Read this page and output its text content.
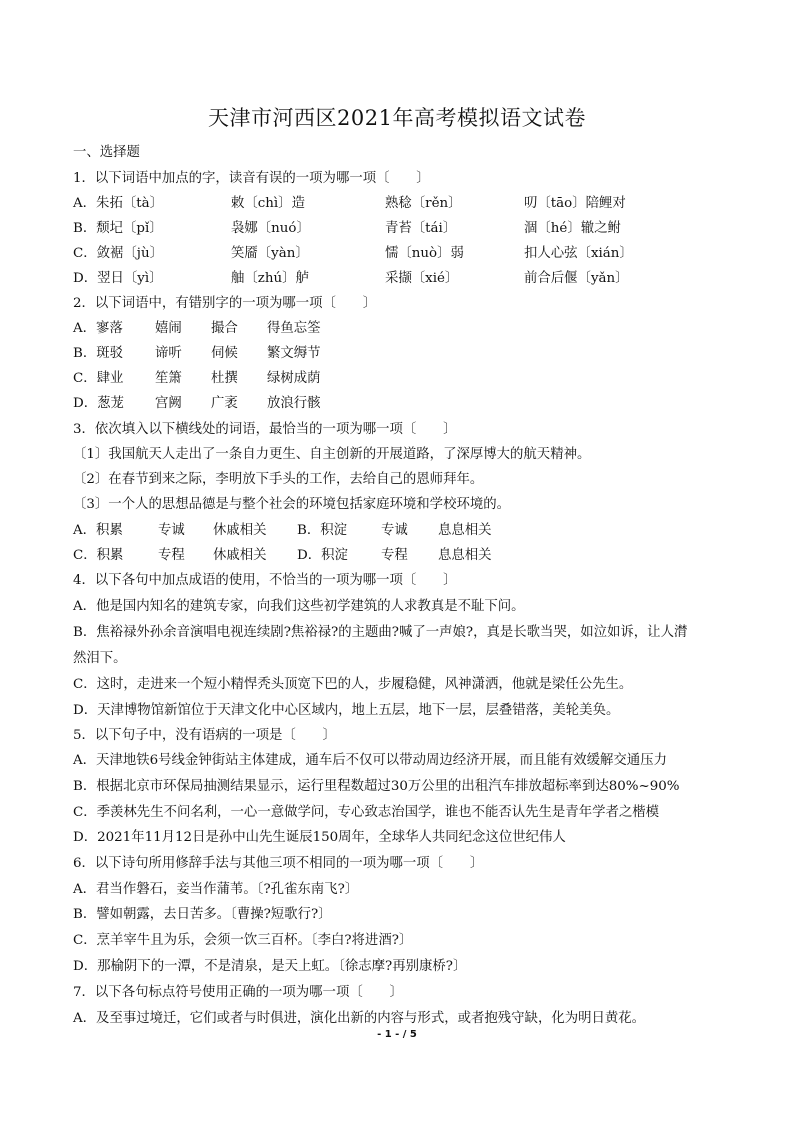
天津市河西区2021年高考模拟语文试卷
一、选择题
1．以下词语中加点的字，读音有误的一项为哪一项〔　　〕
A．朱拓〔tà〕	敕〔chì〕造	熟稔〔rěn〕	叨〔tāo〕陪鲤对
B．颓圮〔pǐ〕	袅娜〔nuó〕	青苔〔tái〕	涸〔hé〕辙之鲋
C．敛裾〔jù〕	笑靥〔yàn〕	懦〔nuò〕弱	扣人心弦〔xián〕
D．翌日〔yì〕	舳〔zhú〕舻	采撷〔xié〕	前合后偃〔yǎn〕
2．以下词语中，有错别字的一项为哪一项〔　　〕
A．寥落 嬉闹 撮合 得鱼忘筌
B．斑驳 谛听 伺候 繁文缛节
C．肆业 笙箫 杜撰 绿树成荫
D．葱茏 宫阙 广袤 放浪行骸
3．依次填入以下横线处的词语，最恰当的一项为哪一项〔　　〕
〔1〕我国航天人走出了一条自力更生、自主创新的开展道路，了深厚博大的航天精神。
〔2〕在春节到来之际，李明放下手头的工作，去给自己的恩师拜年。
〔3〕一个人的思想品德是与整个社会的环境包括家庭环境和学校环境的。
A．积累	专诚 休戚相关 B．积淀	专诚 息息相关
C．积累	专程 休戚相关 D．积淀 专程 息息相关
4．以下各句中加点成语的使用，不恰当的一项为哪一项〔　　〕
A．他是国内知名的建筑专家，向我们这些初学建筑的人求教真是不耻下问。
B．焦裕禄外孙余音演唱电视连续剧?焦裕禄?的主题曲?喊了一声娘?，真是长歌当哭，如泣如诉，让人潸
然泪下。
C．这时，走进来一个短小精悍秃头顶宽下巴的人，步履稳健，风神潇洒，他就是梁任公先生。
D．天津博物馆新馆位于天津文化中心区域内，地上五层，地下一层，层叠错落，美轮美奂。
5．以下句子中，没有语病的一项是〔　　〕
A．天津地铁6号线金钟街站主体建成，通车后不仅可以带动周边经济开展，而且能有效缓解交通压力
B．根据北京市环保局抽测结果显示，运行里程数超过30万公里的出租汽车排放超标率到达80%~90%
C．季羡林先生不问名利，一心一意做学问，专心致志治国学，谁也不能否认先生是青年学者之楷模
D．2021年11月12日是孙中山先生诞辰150周年，全球华人共同纪念这位世纪伟人
6．以下诗句所用修辞手法与其他三项不相同的一项为哪一项〔　　〕
A．君当作磐石，妾当作蒲苇。〔?孔雀东南飞?〕
B．譬如朝露，去日苦多。〔曹操?短歌行?〕
C．烹羊宰牛且为乐，会须一饮三百杯。〔李白?将进酒?〕
D．那榆阴下的一潭，不是清泉，是天上虹。〔徐志摩?再别康桥?〕
7．以下各句标点符号使用正确的一项为哪一项〔　　〕
A．及至事过境迁，它们或者与时俱进，演化出新的内容与形式，或者抱残守缺，化为明日黄花。
- 1 - / 5
